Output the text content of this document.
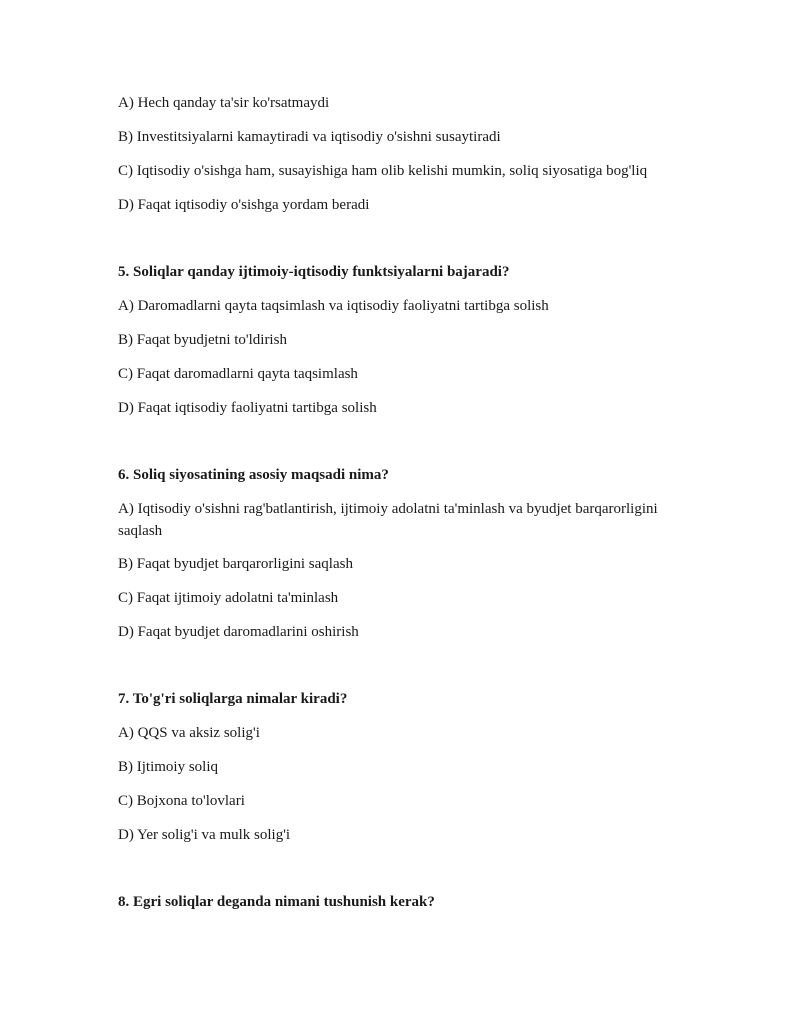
A) Hech qanday ta'sir ko'rsatmaydi

B) Investitsiyalarni kamaytiradi va iqtisodiy o'sishni susaytiradi

C) Iqtisodiy o'sishga ham, susayishiga ham olib kelishi mumkin, soliq siyosatiga bog'liq

D) Faqat iqtisodiy o'sishga yordam beradi

5. Soliqlar qanday ijtimoiy-iqtisodiy funktsiyalarni bajaradi?

A) Daromadlarni qayta taqsimlash va iqtisodiy faoliyatni tartibga solish

B) Faqat byudjetni to'ldirish

C) Faqat daromadlarni qayta taqsimlash

D) Faqat iqtisodiy faoliyatni tartibga solish

6. Soliq siyosatining asosiy maqsadi nima?

A) Iqtisodiy o'sishni rag'batlantirish, ijtimoiy adolatni ta'minlash va byudjet barqarorligini saqlash

B) Faqat byudjet barqarorligini saqlash

C) Faqat ijtimoiy adolatni ta'minlash

D) Faqat byudjet daromadlarini oshirish

7. To'g'ri soliqlarga nimalar kiradi?

A) QQS va aksiz solig'i

B) Ijtimoiy soliq

C) Bojxona to'lovlari

D) Yer solig'i va mulk solig'i

8. Egri soliqlar deganda nimani tushunish kerak?
